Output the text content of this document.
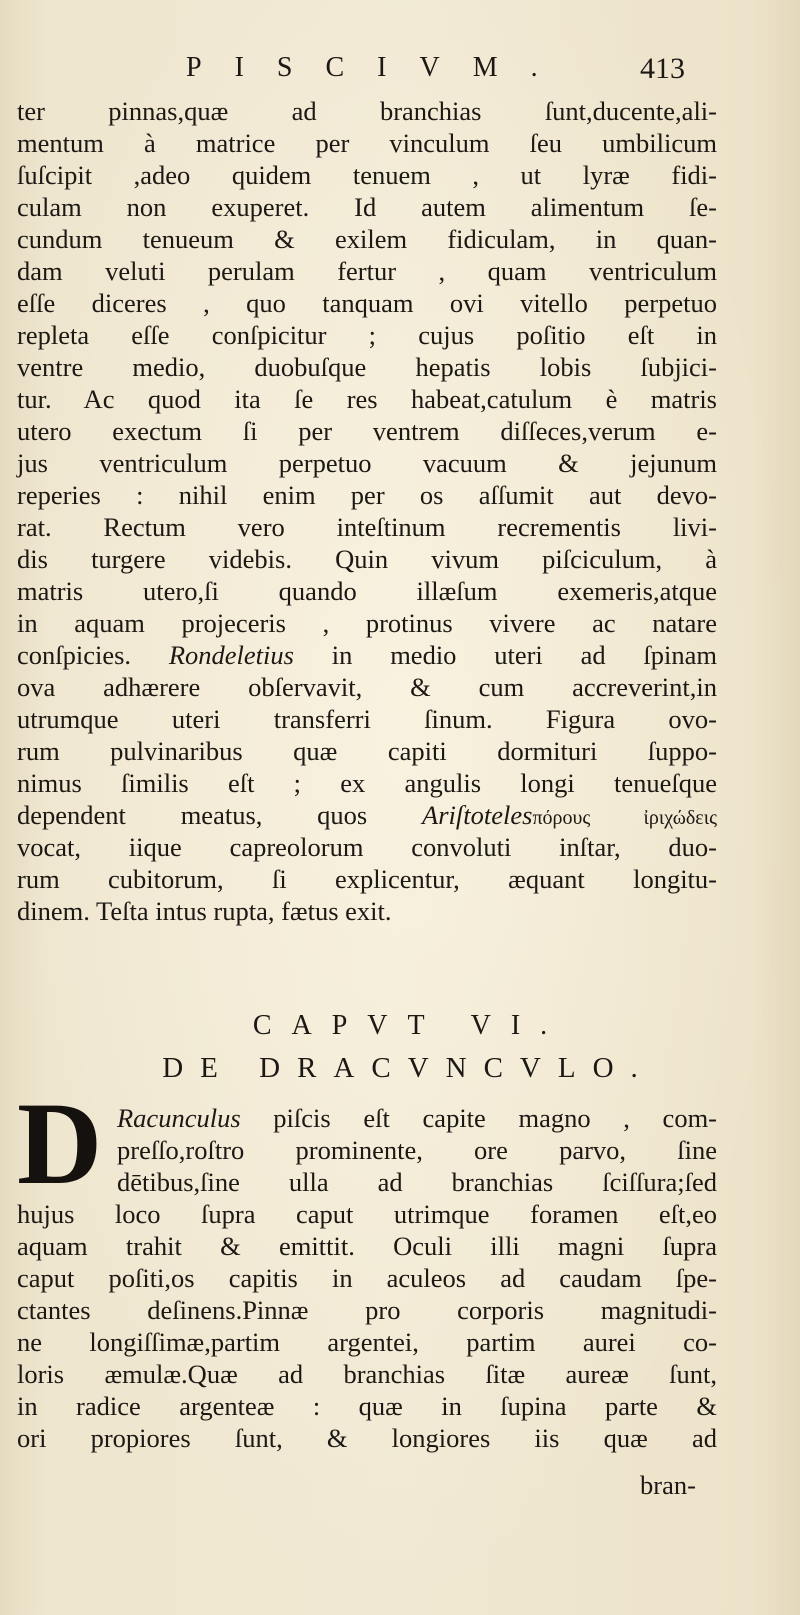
PISCIVM. 413
ter pinnas,quæ ad branchias ſunt,ducente,ali-
mentum à matrice per vinculum ſeu umbilicum
ſuſcipit ,adeo quidem tenuem , ut lyræ fidi-
culam non exuperet. Id autem alimentum ſe-
cundum tenueum & exilem fidiculam, in quan-
dam veluti perulam fertur , quam ventriculum
eſſe diceres , quo tanquam ovi vitello perpetuo
repleta eſſe conſpicitur ; cujus poſitio eſt in
ventre medio, duobuſque hepatis lobis ſubjici-
tur. Ac quod ita ſe res habeat,catulum è matris
utero exectum ſi per ventrem diſſeces,verum e-
jus ventriculum perpetuo vacuum & jejunum
reperies : nihil enim per os aſſumit aut devo-
rat. Rectum vero inteſtinum recrementis livi-
dis turgere videbis. Quin vivum piſciculum, à
matris utero,ſi quando illæſum exemeris,atque
in aquam projeceris , protinus vivere ac natare
conſpicies. Rondeletius in medio uteri ad ſpinam
ova adhærere obſervavit, & cum accreverint,in
utrumque uteri transferri ſinum. Figura ovo-
rum pulvinaribus quæ capiti dormituri ſuppo-
nimus ſimilis eſt ; ex angulis longi tenueſque
dependent meatus, quos Ariſtotelesπόρους ἰριχώδεις
vocat, iique capreolorum convoluti inſtar, duo-
rum cubitorum, ſi explicentur, æquant longitu-
dinem. Teſta intus rupta, fætus exit.
CAPVT VI.
DE DRACVNCVLO.
D Racunculus piſcis eſt capite magno , com-
preſſo,roſtro prominente, ore parvo, ſine
dētibus,ſine ulla ad branchias ſciſſura;ſed
hujus loco ſupra caput utrimque foramen eſt,eo
aquam trahit & emittit. Oculi illi magni ſupra
caput poſiti,os capitis in aculeos ad caudam ſpe-
ctantes deſinens.Pinnæ pro corporis magnitudi-
ne longiſſimæ,partim argentei, partim aurei co-
loris æmulæ.Quæ ad branchias ſitæ aureæ ſunt,
in radice argenteæ : quæ in ſupina parte &
ori propiores ſunt, & longiores iis quæ ad
bran-
